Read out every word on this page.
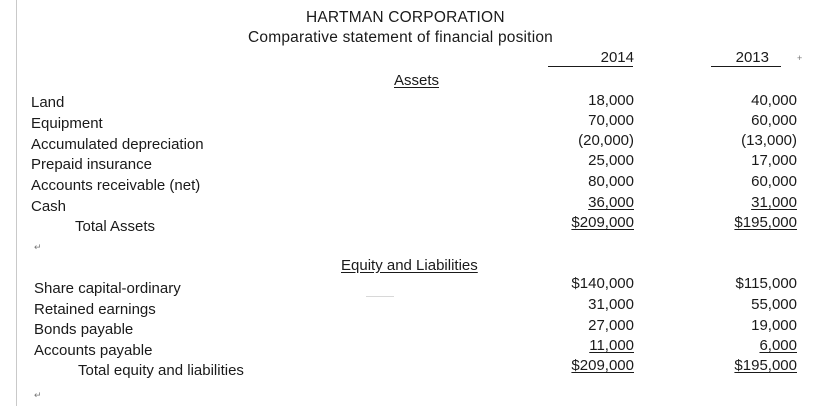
HARTMAN CORPORATION
Comparative statement of financial position
2014	2013	+
Assets
Land	18,000	40,000
Equipment	70,000	60,000
Accumulated depreciation	(20,000)	(13,000)
Prepaid insurance	25,000	17,000
Accounts receivable (net)	80,000	60,000
Cash	36,000	31,000
Total Assets	$209,000	$195,000
↵
Equity and Liabilities
Share capital-ordinary	$140,000	$115,000
Retained earnings	31,000	55,000
Bonds payable	27,000	19,000
Accounts payable	11,000	6,000
Total equity and liabilities	$209,000	$195,000
↵
